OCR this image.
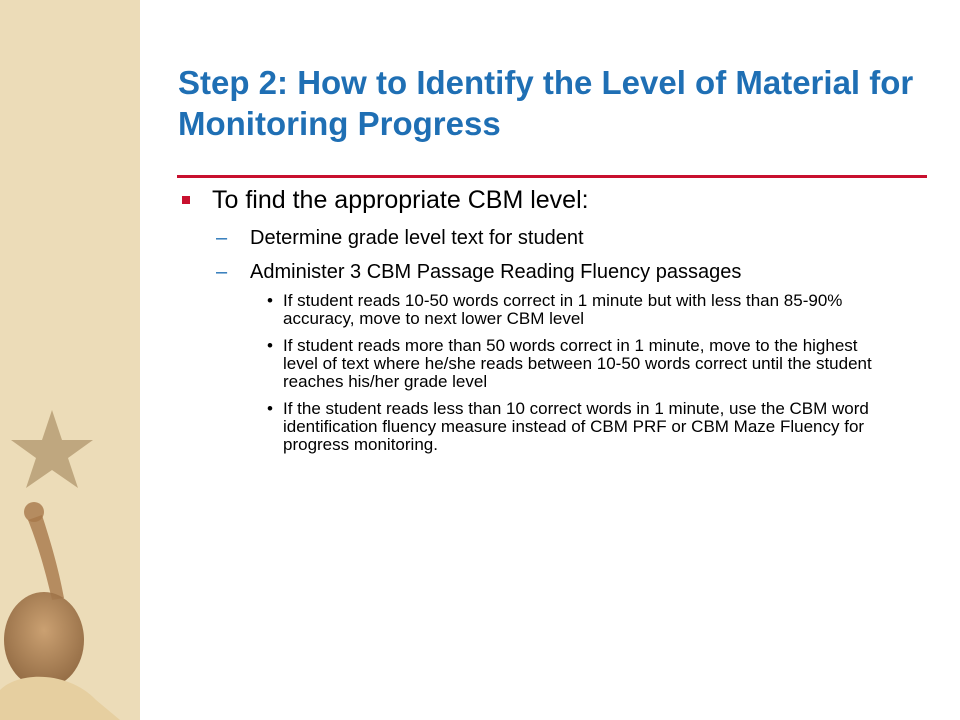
Step 2: How to Identify the Level of Material for Monitoring Progress
To find the appropriate CBM level:
–	Determine grade level text for student
–	Administer 3 CBM Passage Reading Fluency passages
• If student reads 10-50 words correct in 1 minute but with less than 85-90% accuracy, move to next lower CBM level
• If student reads more than 50 words correct in 1 minute, move to the highest level of text where he/she reads between 10-50 words correct until the student reaches his/her grade level
• If the student reads less than 10 correct words in 1 minute, use the CBM word identification fluency measure instead of CBM PRF or CBM Maze Fluency for progress monitoring.
